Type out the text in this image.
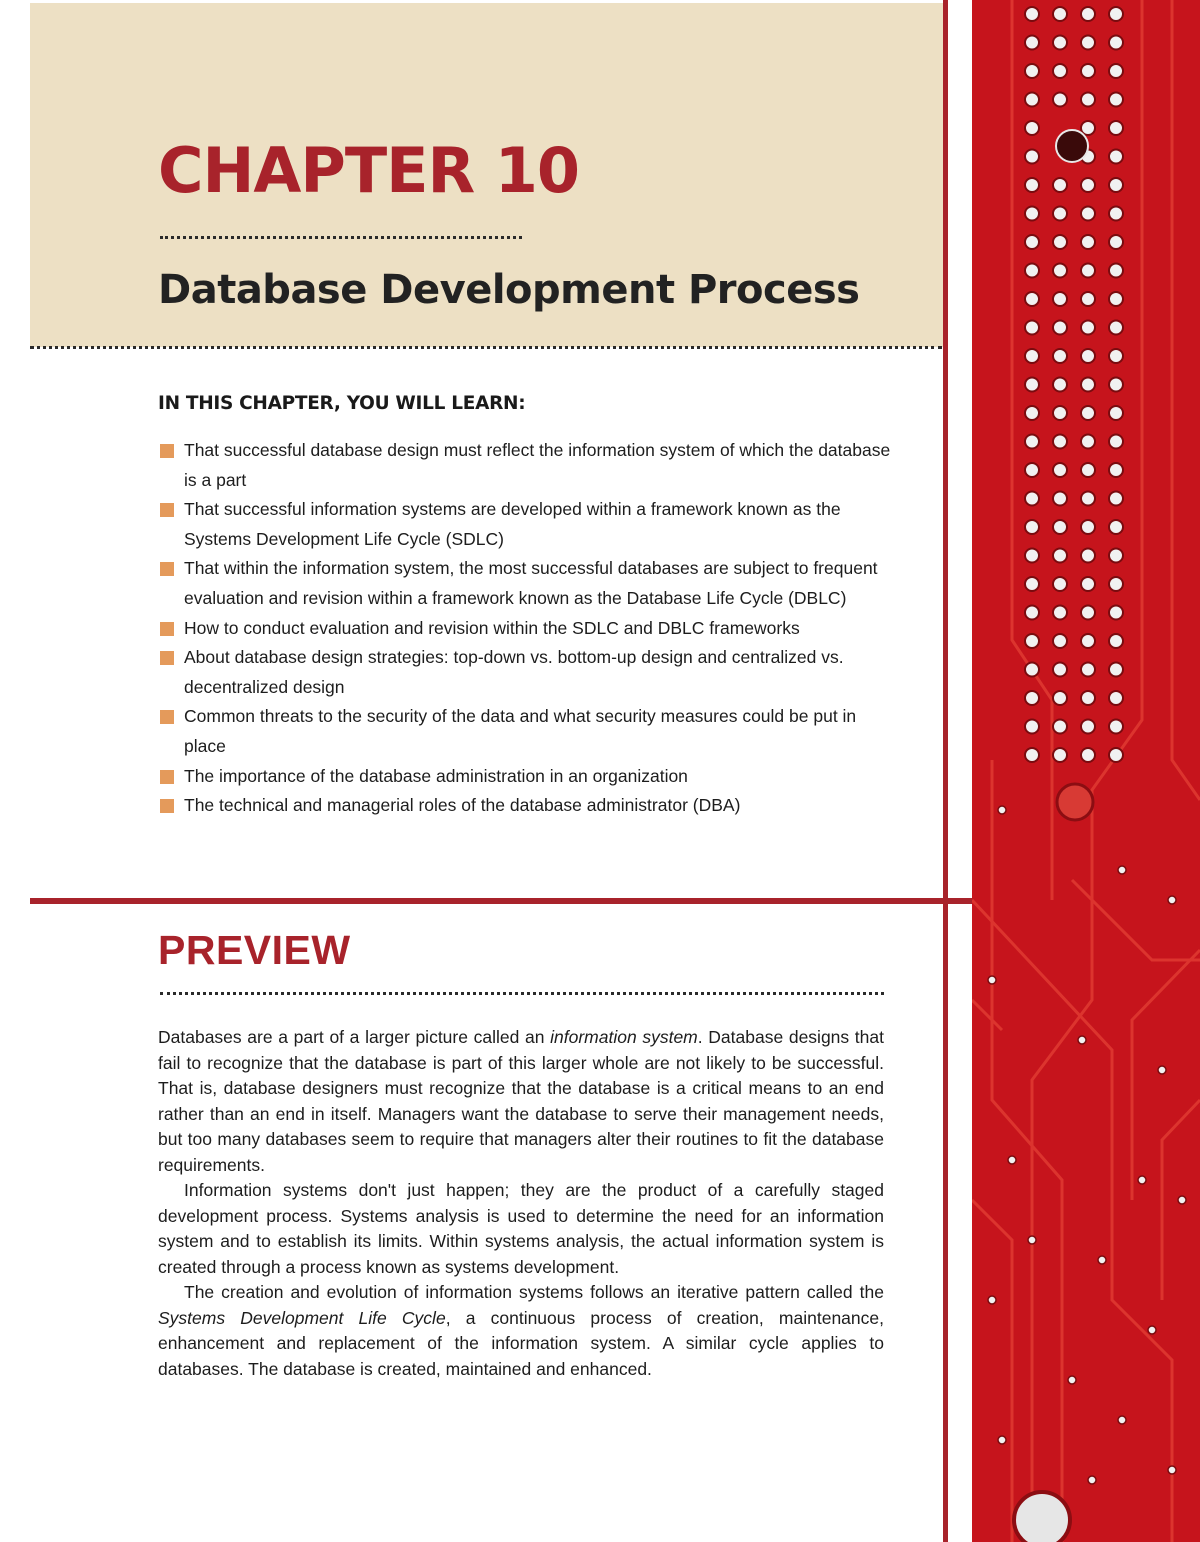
CHAPTER 10
Database Development Process
IN THIS CHAPTER, YOU WILL LEARN:
That successful database design must reflect the information system of which the database is a part
That successful information systems are developed within a framework known as the Systems Development Life Cycle (SDLC)
That within the information system, the most successful databases are subject to frequent evaluation and revision within a framework known as the Database Life Cycle (DBLC)
How to conduct evaluation and revision within the SDLC and DBLC frameworks
About database design strategies: top-down vs. bottom-up design and centralized vs. decentralized design
Common threats to the security of the data and what security measures could be put in place
The importance of the database administration in an organization
The technical and managerial roles of the database administrator (DBA)
PREVIEW

Databases are a part of a larger picture called an information system. Database designs that fail to recognize that the database is part of this larger whole are not likely to be successful. That is, database designers must recognize that the database is a critical means to an end rather than an end in itself. Managers want the database to serve their management needs, but too many databases seem to require that managers alter their routines to fit the database requirements.

Information systems don't just happen; they are the product of a carefully staged development process. Systems analysis is used to determine the need for an information system and to establish its limits. Within systems analysis, the actual information system is created through a process known as systems development.

The creation and evolution of information systems follows an iterative pattern called the Systems Development Life Cycle, a continuous process of creation, maintenance, enhancement and replacement of the information system. A similar cycle applies to databases. The database is created, maintained and enhanced.
